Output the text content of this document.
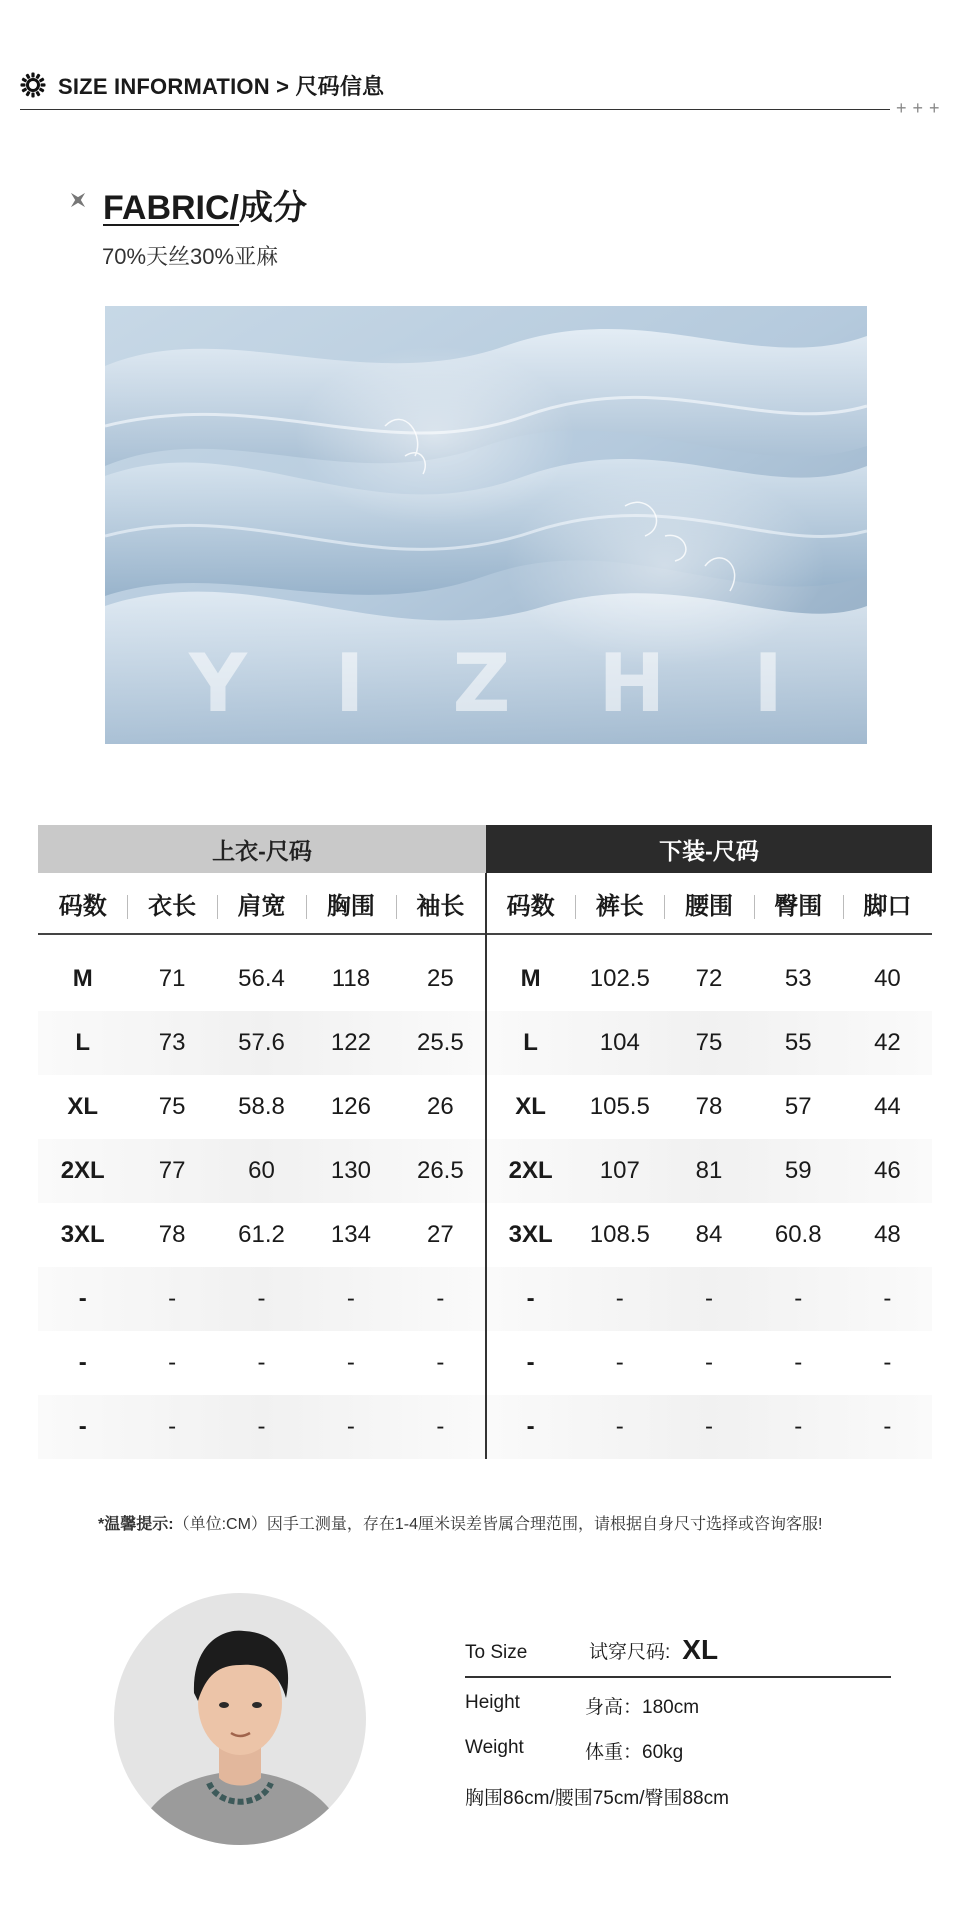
SIZE INFORMATION > 尺码信息
+++
FABRIC/成分
70%天丝30%亚麻
Y I Z H I
上衣-尺码	下装-尺码
码数	衣长	肩宽	胸围	袖长	码数	裤长	腰围	臀围	脚口
M	71	56.4	118	25	M	102.5	72	53	40
L	73	57.6	122	25.5	L	104	75	55	42
XL	75	58.8	126	26	XL	105.5	78	57	44
2XL	77	60	130	26.5	2XL	107	81	59	46
3XL	78	61.2	134	27	3XL	108.5	84	60.8	48
-	-	-	-	-	-	-	-	-	-
-	-	-	-	-	-	-	-	-	-
-	-	-	-	-	-	-	-	-	-
*温馨提示:（单位:CM）因手工测量，存在1-4厘米误差皆属合理范围，请根据自身尺寸选择或咨询客服!
To Size	试穿尺码: XL
Height	身高：180cm
Weight	体重：60kg
胸围86cm/腰围75cm/臀围88cm
